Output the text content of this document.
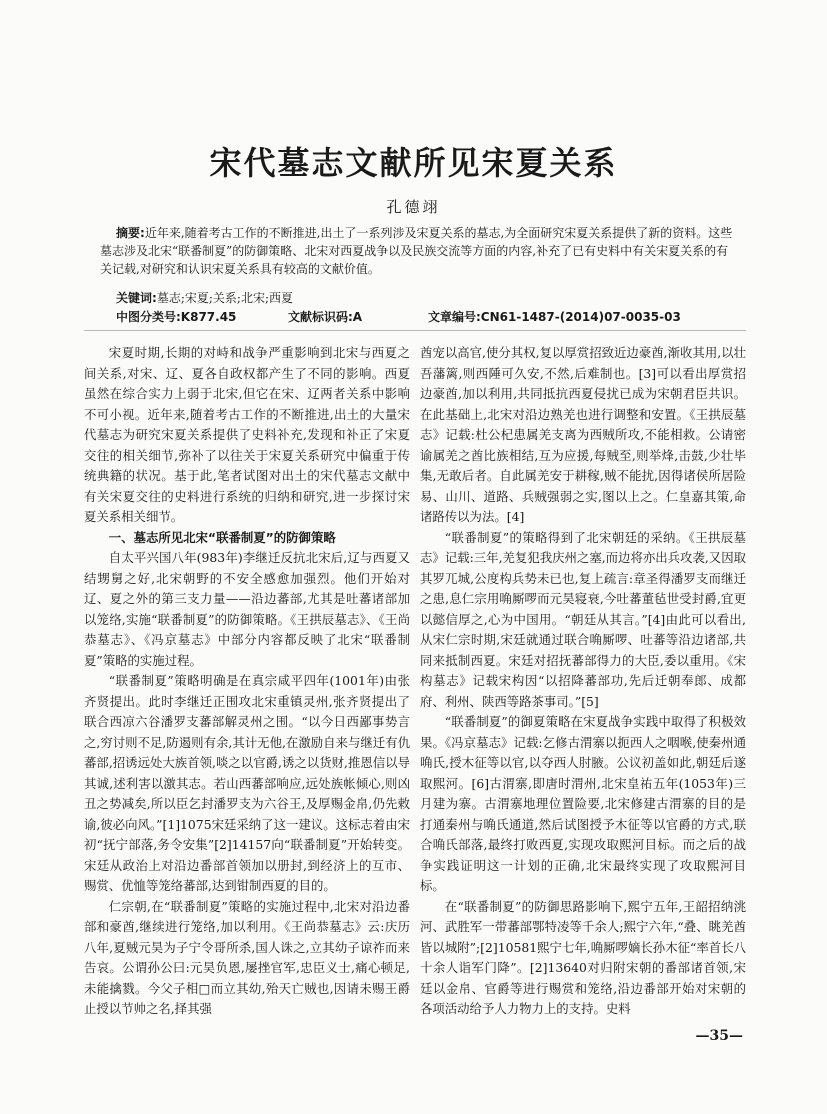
宋代墓志文献所见宋夏关系
孔德翊
摘要:近年来,随着考古工作的不断推进,出土了一系列涉及宋夏关系的墓志,为全面研究宋夏关系提供了新的资料。这些墓志涉及北宋“联番制夏”的防御策略、北宋对西夏战争以及民族交流等方面的内容,补充了已有史料中有关宋夏关系的有关记载,对研究和认识宋夏关系具有较高的文献价值。
关键词:墓志;宋夏;关系;北宋;西夏
中图分类号:K877.45	文献标识码:A	文章编号:CN61-1487-(2014)07-0035-03

宋夏时期,长期的对峙和战争严重影响到北宋与西夏之间关系,对宋、辽、夏各自政权都产生了不同的影响。西夏虽然在综合实力上弱于北宋,但它在宋、辽两者关系中影响不可小视。近年来,随着考古工作的不断推进,出土的大量宋代墓志为研究宋夏关系提供了史料补充,发现和补正了宋夏交往的相关细节,弥补了以往关于宋夏关系研究中偏重于传统典籍的状况。基于此,笔者试图对出土的宋代墓志文献中有关宋夏交往的史料进行系统的归纳和研究,进一步探讨宋夏关系相关细节。

一、墓志所见北宋“联番制夏”的防御策略

自太平兴国八年(983年)李继迁反抗北宋后,辽与西夏又结甥舅之好,北宋朝野的不安全感愈加强烈。他们开始对辽、夏之外的第三支力量——沿边蕃部,尤其是吐蕃诸部加以笼络,实施“联番制夏”的防御策略。《王拱辰墓志》、《王尚恭墓志》、《冯京墓志》中部分内容都反映了北宋“联番制夏”策略的实施过程。

“联番制夏”策略明确是在真宗咸平四年(1001年)由张齐贤提出。此时李继迁正围攻北宋重镇灵州,张齐贤提出了联合西凉六谷潘罗支蕃部解灵州之围。“以今日西鄙事势言之,穷讨则不足,防遏则有余,其计无他,在激励自来与继迁有仇蕃部,招诱远处大族首领,啖之以官爵,诱之以货财,推恩信以导其诚,述利害以激其志。若山西蕃部响应,远处族帐倾心,则凶丑之势减矣,所以臣乞封潘罗支为六谷王,及厚赐金帛,仍先敕谕,彼必向风。”[1]1075宋廷采纳了这一建议。这标志着由宋初“抚宁部落,务令安集”[2]14157向“联番制夏”开始转变。宋廷从政治上对沿边番部首领加以册封,到经济上的互市、赐赏、优恤等笼络蕃部,达到钳制西夏的目的。

仁宗朝,在“联番制夏”策略的实施过程中,北宋对沿边番部和豪酋,继续进行笼络,加以利用。《王尚恭墓志》云:庆历八年,夏贼元昊为子宁令哥所杀,国人诛之,立其幼子谅祚而来告哀。公谓孙公曰:元昊负恩,屡挫官军,忠臣义士,痛心顿足,未能擒戮。今父子相□而立其幼,殆天亡贼也,因请未赐王爵止授以节帅之名,择其强

酋宠以高官,使分其权,复以厚赏招致近边豪酋,渐收其用,以壮吾藩篱,则西陲可久安,不然,后难制也。[3]可以看出厚赏招边豪酋,加以利用,共同抵抗西夏侵扰已成为宋朝君臣共识。在此基础上,北宋对沿边熟羌也进行调整和安置。《王拱辰墓志》记载:杜公杞患属羌支离为西贼所攻,不能相救。公请密谕属羌之酋比族相结,互为应援,每贼至,则举烽,击鼓,少壮毕集,无敢后者。自此属羌安于耕稼,贼不能扰,因得诸侯所居险易、山川、道路、兵贼强弱之实,图以上之。仁皇嘉其策,命诸路传以为法。[4]

“联番制夏”的策略得到了北宋朝廷的采纳。《王拱辰墓志》记载:三年,羌复犯我庆州之塞,而边将亦出兵攻袭,又因取其罗兀城,公度构兵势未已也,复上疏言:章圣得潘罗支而继迁之患,息仁宗用唃厮啰而元昊寝衰,今吐蕃董毡世受封爵,宜更以懿信厚之,心为中国用。“朝廷从其言。”[4]由此可以看出,从宋仁宗时期,宋廷就通过联合唃厮啰、吐蕃等沿边诸部,共同来抵制西夏。宋廷对招抚蕃部得力的大臣,委以重用。《宋构墓志》记载宋构因“以招降蕃部功,先后迁朝奉郎、成都府、利州、陕西等路茶事司。”[5]

“联番制夏”的御夏策略在宋夏战争实践中取得了积极效果。《冯京墓志》记载:乞修古渭寨以扼西人之咽喉,使秦州通唃氏,授木征等以官,以夺西人肘腋。公议初盖如此,朝廷后遂取熙河。[6]古渭寨,即唐时渭州,北宋皇祐五年(1053年)三月建为寨。古渭寨地理位置险要,北宋修建古渭寨的目的是打通秦州与唃氏通道,然后试图授予木征等以官爵的方式,联合唃氏部落,最终打败西夏,实现攻取熙河目标。而之后的战争实践证明这一计划的正确,北宋最终实现了攻取熙河目标。

在“联番制夏”的防御思路影响下,熙宁五年,王韶招纳洮河、武胜军一带蕃部鄂特凌等千余人;熙宁六年,“叠、眺羌酋皆以城附”;[2]10581熙宁七年,唃厮啰嫡长孙木征“率首长八十余人诣军门降”。[2]13640对归附宋朝的番部诸首领,宋廷以金帛、官爵等进行赐赏和笼络,沿边番部开始对宋朝的各项活动给予人力物力上的支持。史料

—35—
